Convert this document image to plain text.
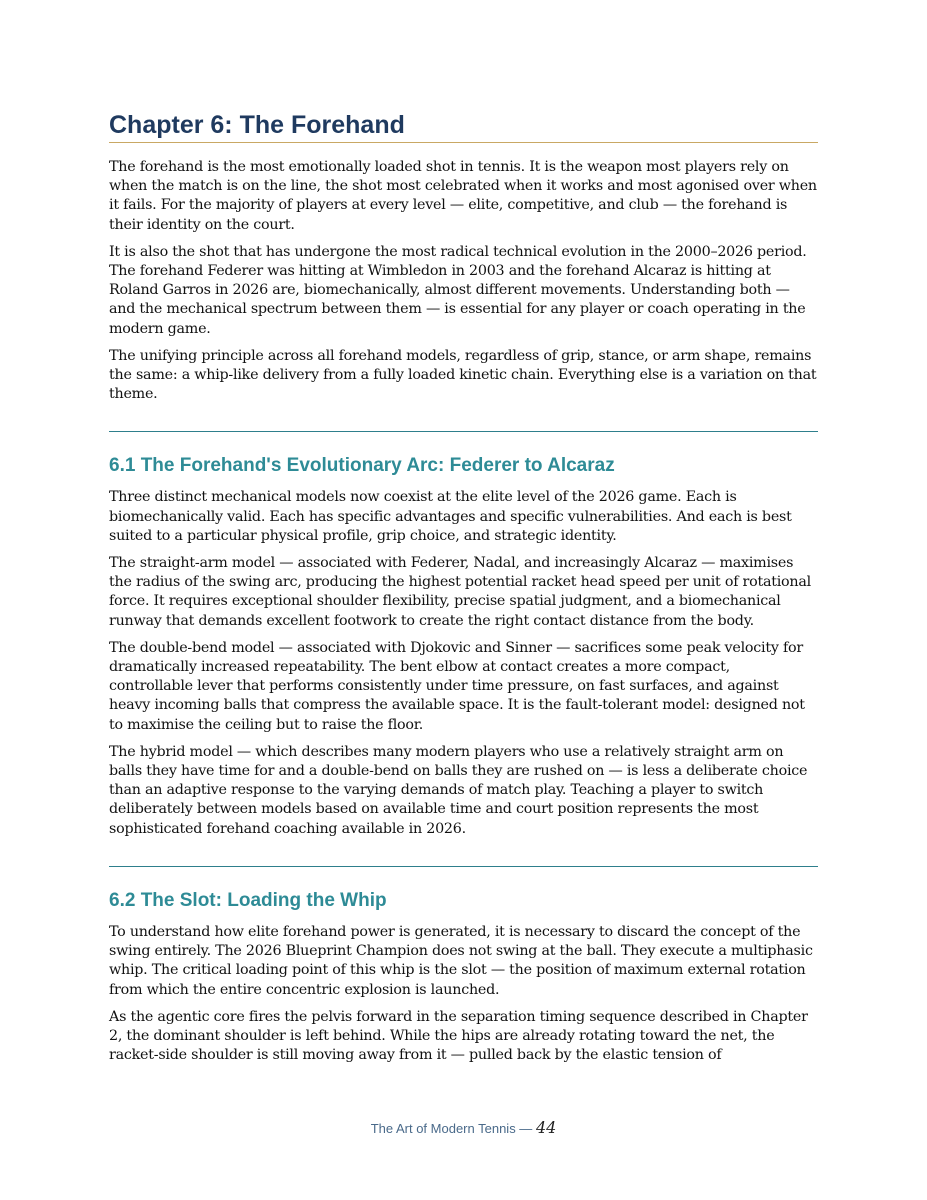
Chapter 6: The Forehand

The forehand is the most emotionally loaded shot in tennis. It is the weapon most players rely on when the match is on the line, the shot most celebrated when it works and most agonised over when it fails. For the majority of players at every level — elite, competitive, and club — the forehand is their identity on the court.

It is also the shot that has undergone the most radical technical evolution in the 2000–2026 period. The forehand Federer was hitting at Wimbledon in 2003 and the forehand Alcaraz is hitting at Roland Garros in 2026 are, biomechanically, almost different movements. Understanding both — and the mechanical spectrum between them — is essential for any player or coach operating in the modern game.

The unifying principle across all forehand models, regardless of grip, stance, or arm shape, remains the same: a whip-like delivery from a fully loaded kinetic chain. Everything else is a variation on that theme.

6.1 The Forehand's Evolutionary Arc: Federer to Alcaraz

Three distinct mechanical models now coexist at the elite level of the 2026 game. Each is biomechanically valid. Each has specific advantages and specific vulnerabilities. And each is best suited to a particular physical profile, grip choice, and strategic identity.

The straight-arm model — associated with Federer, Nadal, and increasingly Alcaraz — maximises the radius of the swing arc, producing the highest potential racket head speed per unit of rotational force. It requires exceptional shoulder flexibility, precise spatial judgment, and a biomechanical runway that demands excellent footwork to create the right contact distance from the body.

The double-bend model — associated with Djokovic and Sinner — sacrifices some peak velocity for dramatically increased repeatability. The bent elbow at contact creates a more compact, controllable lever that performs consistently under time pressure, on fast surfaces, and against heavy incoming balls that compress the available space. It is the fault-tolerant model: designed not to maximise the ceiling but to raise the floor.

The hybrid model — which describes many modern players who use a relatively straight arm on balls they have time for and a double-bend on balls they are rushed on — is less a deliberate choice than an adaptive response to the varying demands of match play. Teaching a player to switch deliberately between models based on available time and court position represents the most sophisticated forehand coaching available in 2026.

6.2 The Slot: Loading the Whip

To understand how elite forehand power is generated, it is necessary to discard the concept of the swing entirely. The 2026 Blueprint Champion does not swing at the ball. They execute a multiphasic whip. The critical loading point of this whip is the slot — the position of maximum external rotation from which the entire concentric explosion is launched.

As the agentic core fires the pelvis forward in the separation timing sequence described in Chapter 2, the dominant shoulder is left behind. While the hips are already rotating toward the net, the racket-side shoulder is still moving away from it — pulled back by the elastic tension of

The Art of Modern Tennis — 44
